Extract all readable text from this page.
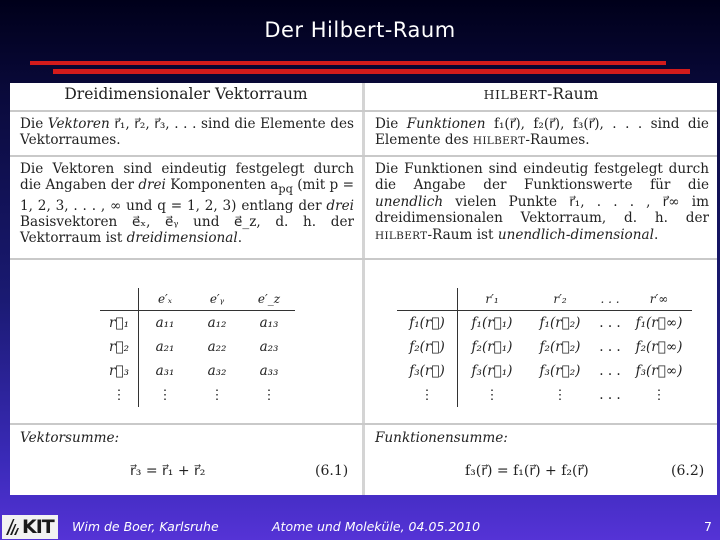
Der Hilbert-Raum
Dreidimensionaler Vektorraum
Die Vektoren r⃗₁, r⃗₂, r⃗₃, . . . sind die Elemente des Vektorraumes.
Die Vektoren sind eindeutig festgelegt durch die Angaben der drei Komponenten $a_{pq}$ (mit p = 1, 2, 3, . . . , ∞ und q = 1, 2, 3) entlang der drei Basisvektoren e⃗ₓ, e⃗ᵧ und e⃗_z, d. h. der Vektorraum ist dreidimensional.
	e′ₓ	e′ᵧ	e′_z
r⃗₁	a₁₁	a₁₂	a₁₃
r⃗₂	a₂₁	a₂₂	a₂₃
r⃗₃	a₃₁	a₃₂	a₃₃
⋮	⋮	⋮	⋮
Vektorsumme:
r⃗₃ = r⃗₁ + r⃗₂	(6.1)
HILBERT-Raum
Die Funktionen f₁(r⃗), f₂(r⃗), f₃(r⃗), . . . sind die Elemente des HILBERT-Raumes.
Die Funktionen sind eindeutig festgelegt durch die Angabe der Funktionswerte für die unendlich vielen Punkte r⃗₁, . . . , r⃗∞ im dreidimensionalen Vektorraum, d. h. der HILBERT-Raum ist unendlich-dimensional.
	r′₁	r′₂	. . .	r′∞
f₁(r⃗)	f₁(r⃗₁)	f₁(r⃗₂)	. . .	f₁(r⃗∞)
f₂(r⃗)	f₂(r⃗₁)	f₂(r⃗₂)	. . .	f₂(r⃗∞)
f₃(r⃗)	f₃(r⃗₁)	f₃(r⃗₂)	. . .	f₃(r⃗∞)
⋮	⋮	⋮	. . .	⋮
Funktionensumme:
f₃(r⃗) = f₁(r⃗) + f₂(r⃗)	(6.2)
KIT Wim de Boer, Karlsruhe	Atome und Moleküle, 04.05.2010	7
